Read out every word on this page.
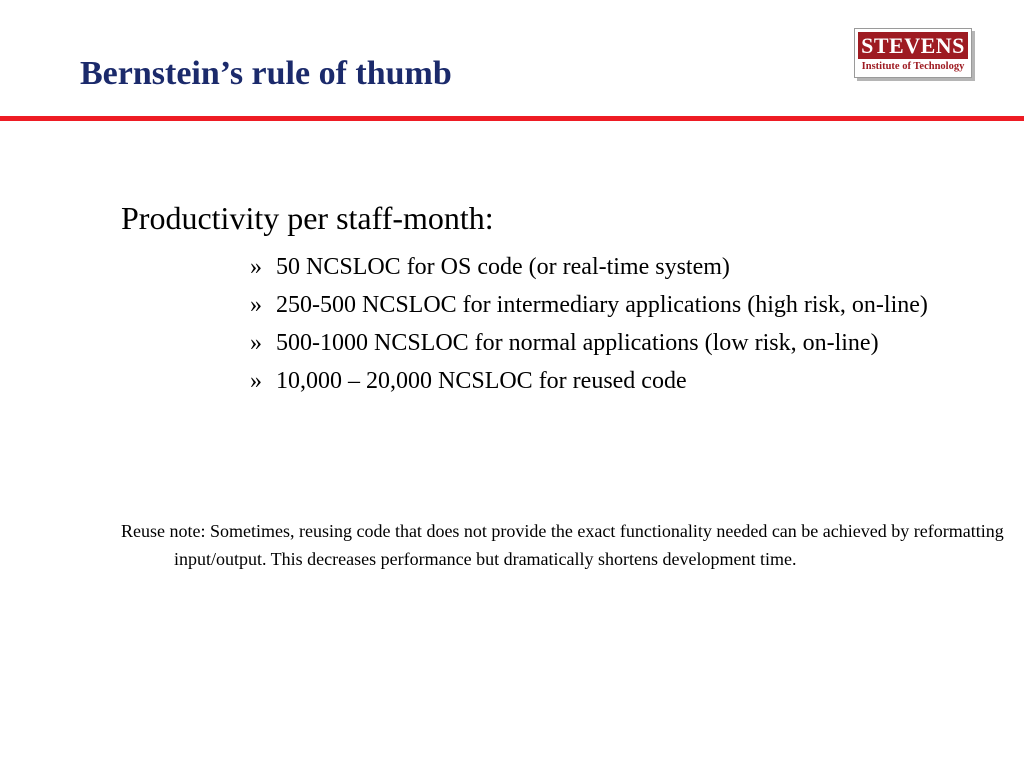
Bernstein’s rule of thumb
STEVENS
Institute of Technology
Productivity per staff-month:
» 50 NCSLOC for OS code (or real-time system)
» 250-500 NCSLOC for intermediary applications (high risk, on-line)
» 500-1000 NCSLOC for normal applications (low risk, on-line)
» 10,000 – 20,000 NCSLOC for reused code

Reuse note: Sometimes, reusing code that does not provide the exact functionality needed can be achieved by reformatting input/output. This decreases performance but dramatically shortens development time.
